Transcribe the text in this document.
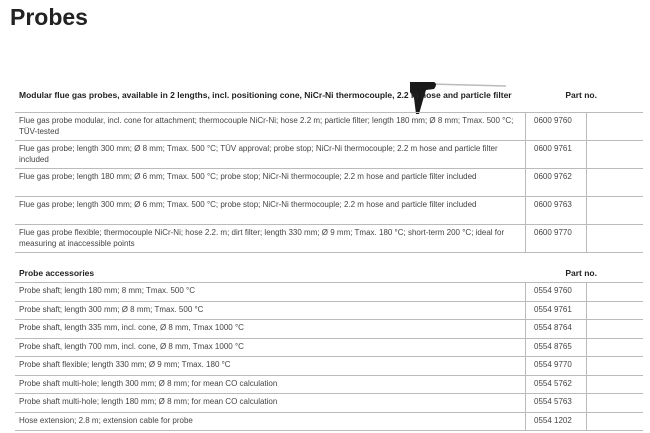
Probes
Modular flue gas probes, available in 2 lengths, incl. positioning cone, NiCr-Ni thermocouple, 2.2 m hose and particle filter	Part no.
Flue gas probe modular, incl. cone for attachment; thermocouple NiCr-Ni; hose 2.2 m; particle filter; length 180 mm; Ø 8 mm; Tmax. 500 °C; TÜV-tested
0600 9760
Flue gas probe; length 300 mm; Ø 8 mm; Tmax. 500 °C; TÜV approval; probe stop; NiCr-Ni thermocouple; 2.2 m hose and particle filter included
0600 9761
Flue gas probe; length 180 mm; Ø 6 mm; Tmax. 500 °C; probe stop; NiCr-Ni thermocouple; 2.2 m hose and particle filter included	0600 9762
Flue gas probe; length 300 mm; Ø 6 mm; Tmax. 500 °C; probe stop; NiCr-Ni thermocouple; 2.2 m hose and particle filter included	0600 9763
Flue gas probe flexible; thermocouple NiCr-Ni; hose 2.2. m; dirt filter; length 330 mm; Ø 9 mm; Tmax. 180 °C; short-term 200 °C; ideal for measuring at inaccessible points
0600 9770
Probe accessories	Part no.
Probe shaft; length 180 mm; 8 mm; Tmax. 500 °C	0554 9760
Probe shaft; length 300 mm; Ø 8 mm; Tmax. 500 °C	0554 9761
Probe shaft, length 335 mm, incl. cone, Ø 8 mm, Tmax 1000 °C	0554 8764
Probe shaft, length 700 mm, incl. cone, Ø 8 mm, Tmax 1000 °C	0554 8765
Probe shaft flexible; length 330 mm; Ø 9 mm; Tmax. 180 °C	0554 9770
Probe shaft multi-hole; length 300 mm; Ø 8 mm; for mean CO calculation	0554 5762
Probe shaft multi-hole; length 180 mm; Ø 8 mm; for mean CO calculation	0554 5763
Hose extension; 2.8 m; extension cable for probe	0554 1202
